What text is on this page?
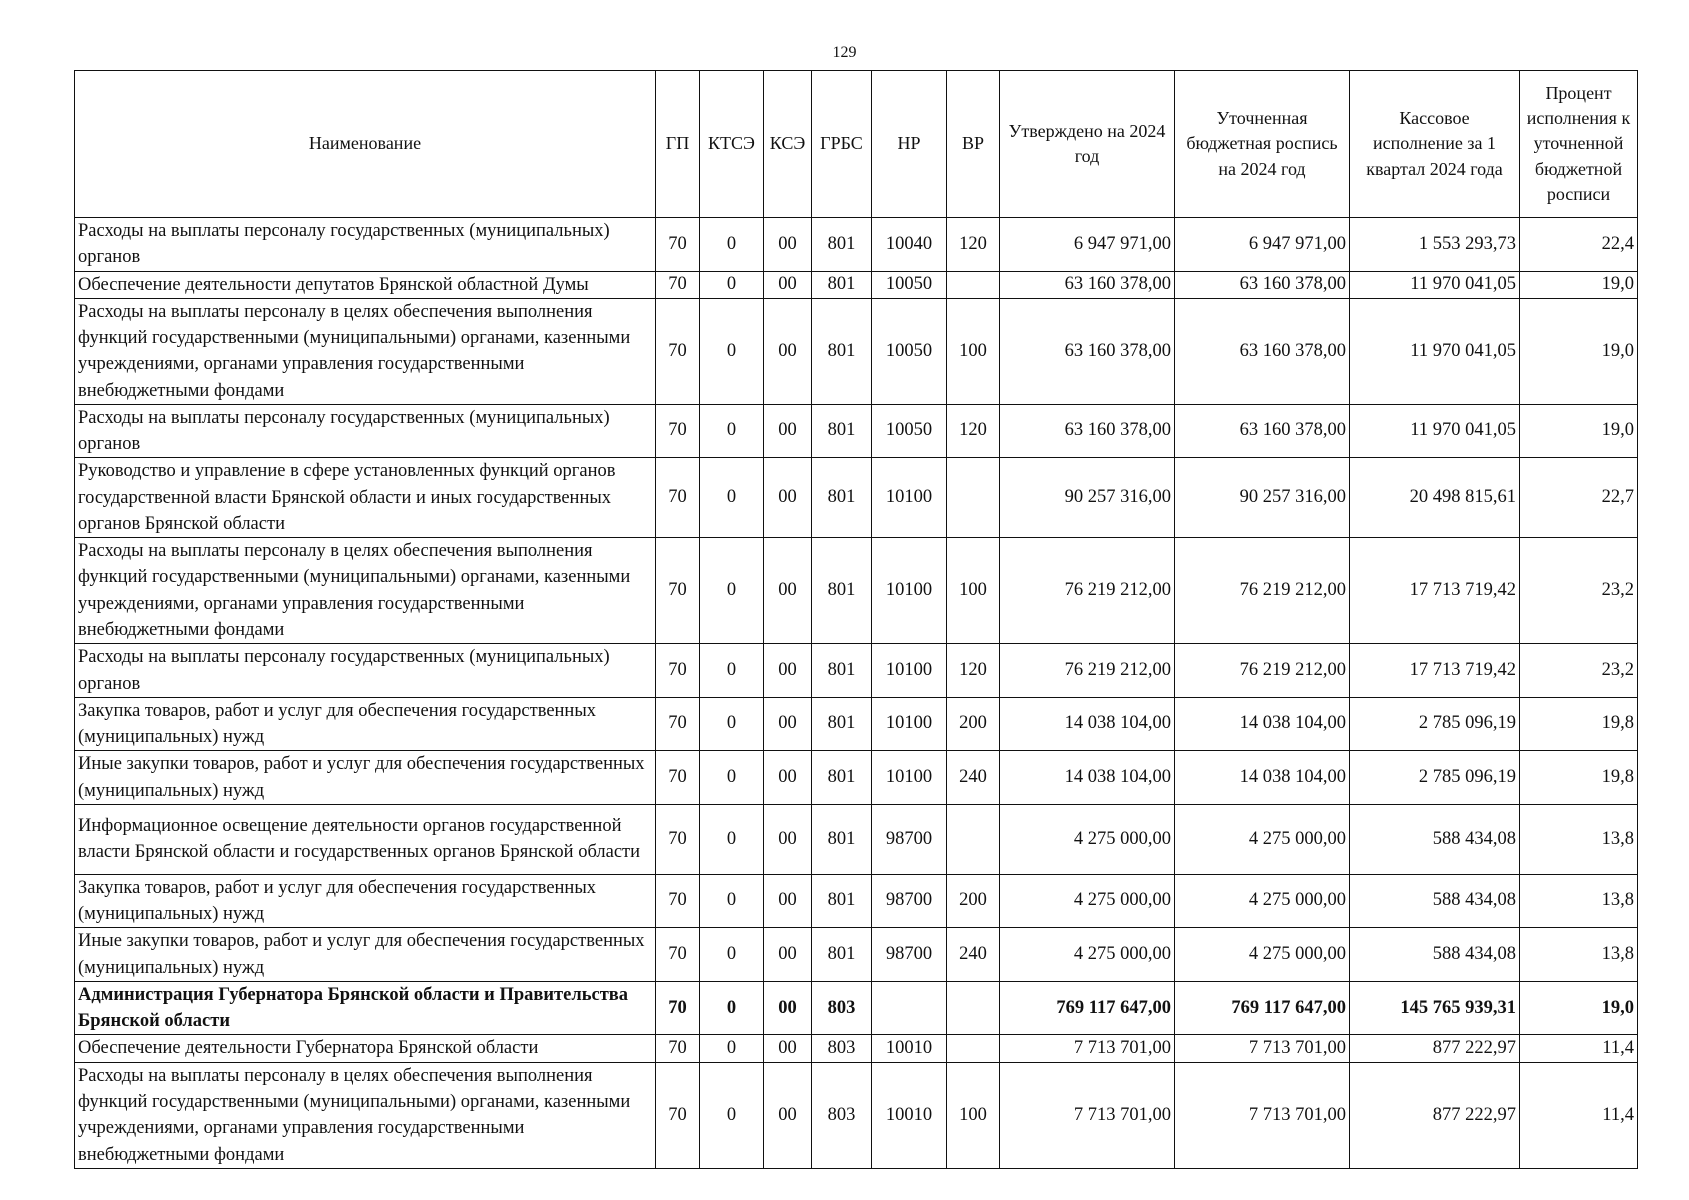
129
Наименование	ГП	КТСЭ	КСЭ	ГРБС	НР	ВР	Утверждено на 2024 год	Уточненная бюджетная роспись на 2024 год	Кассовое исполнение за 1 квартал 2024 года	Процент исполнения к уточненной бюджетной росписи
Расходы на выплаты персоналу государственных (муниципальных) органов	70	0	00	801	10040	120	6 947 971,00	6 947 971,00	1 553 293,73	22,4
Обеспечение деятельности депутатов Брянской областной Думы	70	0	00	801	10050		63 160 378,00	63 160 378,00	11 970 041,05	19,0
Расходы на выплаты персоналу в целях обеспечения выполнения функций государственными (муниципальными) органами, казенными учреждениями, органами управления государственными внебюджетными фондами	70	0	00	801	10050	100	63 160 378,00	63 160 378,00	11 970 041,05	19,0
Расходы на выплаты персоналу государственных (муниципальных) органов	70	0	00	801	10050	120	63 160 378,00	63 160 378,00	11 970 041,05	19,0
Руководство и управление в сфере установленных функций органов государственной власти Брянской области и иных государственных органов Брянской области	70	0	00	801	10100		90 257 316,00	90 257 316,00	20 498 815,61	22,7
Расходы на выплаты персоналу в целях обеспечения выполнения функций государственными (муниципальными) органами, казенными учреждениями, органами управления государственными внебюджетными фондами	70	0	00	801	10100	100	76 219 212,00	76 219 212,00	17 713 719,42	23,2
Расходы на выплаты персоналу государственных (муниципальных) органов	70	0	00	801	10100	120	76 219 212,00	76 219 212,00	17 713 719,42	23,2
Закупка товаров, работ и услуг для обеспечения государственных (муниципальных) нужд	70	0	00	801	10100	200	14 038 104,00	14 038 104,00	2 785 096,19	19,8
Иные закупки товаров, работ и услуг для обеспечения государственных (муниципальных) нужд	70	0	00	801	10100	240	14 038 104,00	14 038 104,00	2 785 096,19	19,8
Информационное освещение деятельности органов государственной власти Брянской области и государственных органов Брянской области	70	0	00	801	98700		4 275 000,00	4 275 000,00	588 434,08	13,8
Закупка товаров, работ и услуг для обеспечения государственных (муниципальных) нужд	70	0	00	801	98700	200	4 275 000,00	4 275 000,00	588 434,08	13,8
Иные закупки товаров, работ и услуг для обеспечения государственных (муниципальных) нужд	70	0	00	801	98700	240	4 275 000,00	4 275 000,00	588 434,08	13,8
Администрация Губернатора Брянской области и Правительства Брянской области	70	0	00	803			769 117 647,00	769 117 647,00	145 765 939,31	19,0
Обеспечение деятельности Губернатора Брянской области	70	0	00	803	10010		7 713 701,00	7 713 701,00	877 222,97	11,4
Расходы на выплаты персоналу в целях обеспечения выполнения функций государственными (муниципальными) органами, казенными учреждениями, органами управления государственными внебюджетными фондами	70	0	00	803	10010	100	7 713 701,00	7 713 701,00	877 222,97	11,4
